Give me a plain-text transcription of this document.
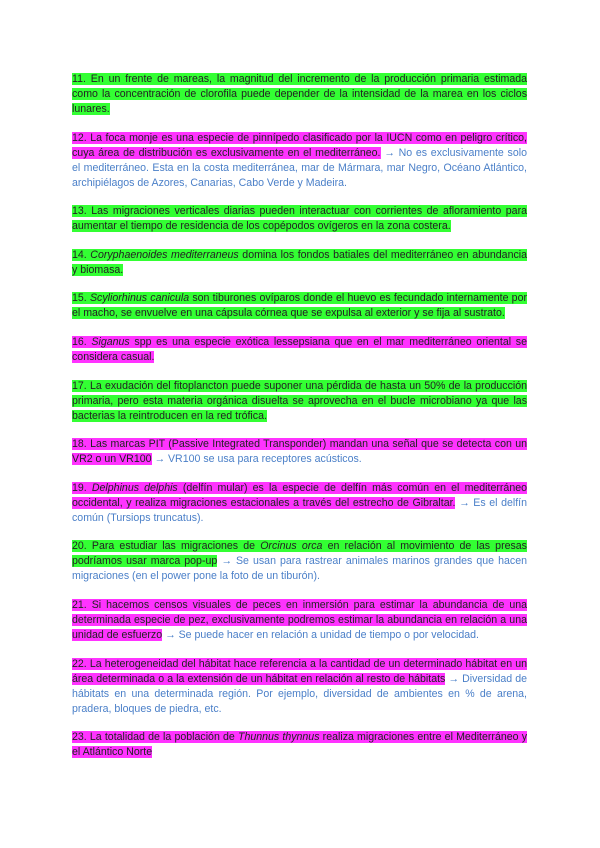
11. En un frente de mareas, la magnitud del incremento de la producción primaria estimada como la concentración de clorofila puede depender de la intensidad de la marea en los ciclos lunares.

12. La foca monje es una especie de pinnípedo clasificado por la IUCN como en peligro crítico, cuya área de distribución es exclusivamente en el mediterráneo. → No es exclusivamente solo el mediterráneo. Esta en la costa mediterránea, mar de Mármara, mar Negro, Océano Atlántico, archipiélagos de Azores, Canarias, Cabo Verde y Madeira.

13. Las migraciones verticales diarias pueden interactuar con corrientes de afloramiento para aumentar el tiempo de residencia de los copépodos ovígeros en la zona costera.

14. Coryphaenoides mediterraneus domina los fondos batiales del mediterráneo en abundancia y biomasa.

15. Scyliorhinus canicula son tiburones ovíparos donde el huevo es fecundado internamente por el macho, se envuelve en una cápsula córnea que se expulsa al exterior y se fija al sustrato.

16. Siganus spp es una especie exótica lessepsiana que en el mar mediterráneo oriental se considera casual.

17. La exudación del fitoplancton puede suponer una pérdida de hasta un 50% de la producción primaria, pero esta materia orgánica disuelta se aprovecha en el bucle microbiano ya que las bacterias la reintroducen en la red trófica.

18. Las marcas PIT (Passive Integrated Transponder) mandan una señal que se detecta con un VR2 o un VR100 → VR100 se usa para receptores acústicos.

19. Delphinus delphis (delfín mular) es la especie de delfín más común en el mediterráneo occidental, y realiza migraciones estacionales a través del estrecho de Gibraltar. → Es el delfín común (Tursiops truncatus).

20. Para estudiar las migraciones de Orcinus orca en relación al movimiento de las presas podríamos usar marca pop-up → Se usan para rastrear animales marinos grandes que hacen migraciones (en el power pone la foto de un tiburón).

21. Si hacemos censos visuales de peces en inmersión para estimar la abundancia de una determinada especie de pez, exclusivamente podremos estimar la abundancia en relación a una unidad de esfuerzo → Se puede hacer en relación a unidad de tiempo o por velocidad.

22. La heterogeneidad del hábitat hace referencia a la cantidad de un determinado hábitat en un área determinada o a la extensión de un hábitat en relación al resto de hábitats → Diversidad de hábitats en una determinada región. Por ejemplo, diversidad de ambientes en % de arena, pradera, bloques de piedra, etc.

23. La totalidad de la población de Thunnus thynnus realiza migraciones entre el Mediterráneo y el Atlántico Norte
